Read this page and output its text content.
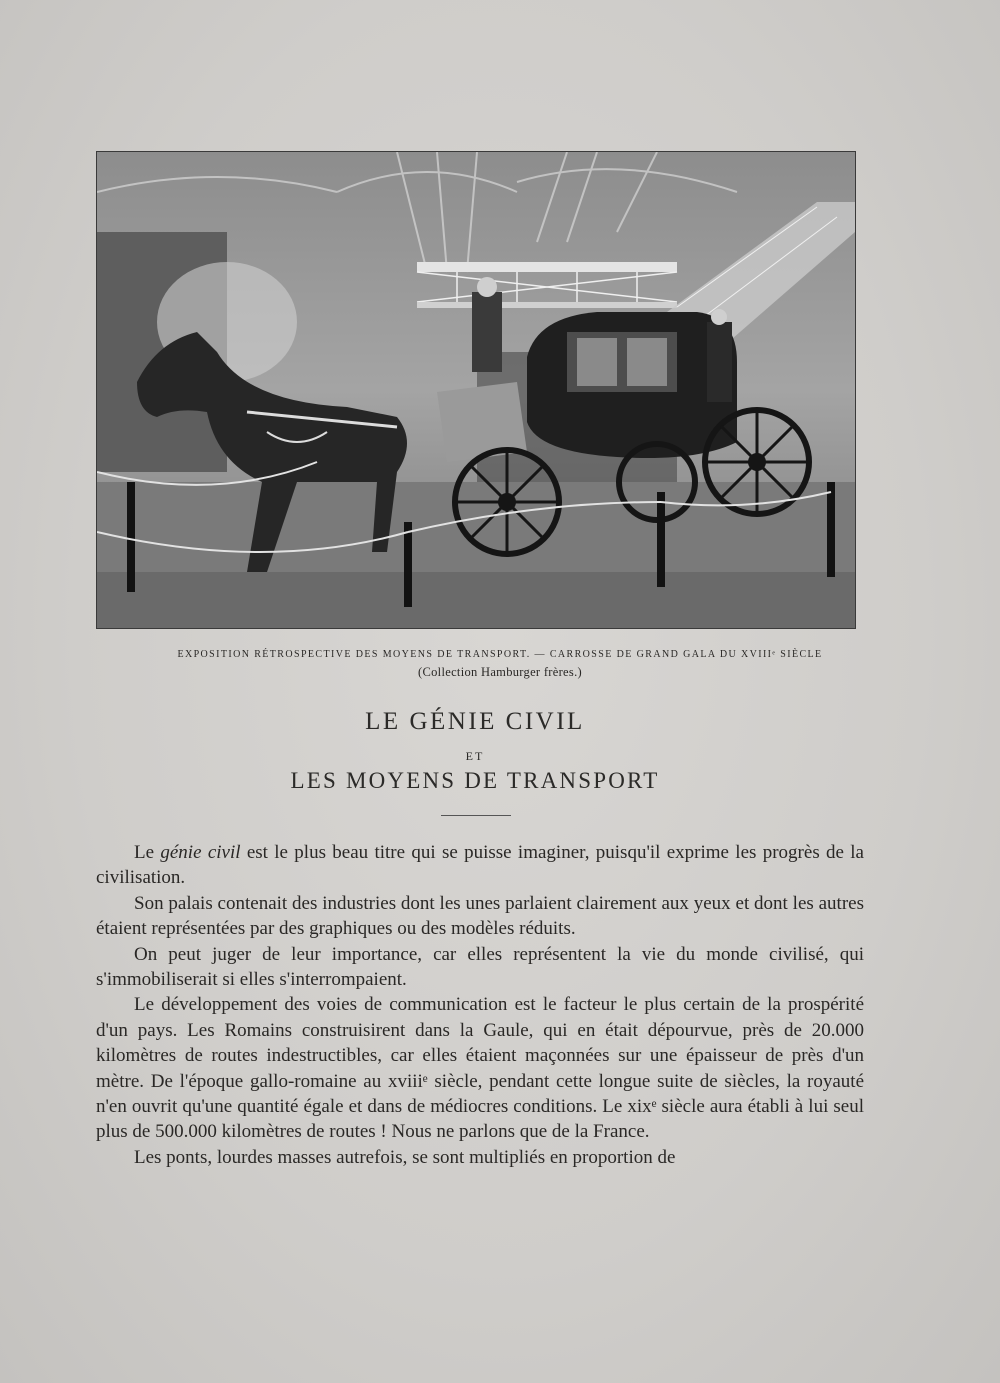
EXPOSITION RÉTROSPECTIVE DES MOYENS DE TRANSPORT. — CARROSSE DE GRAND GALA DU XVIIIᵉ SIÈCLE
(Collection Hamburger frères.)
LE GÉNIE CIVIL
ET
LES MOYENS DE TRANSPORT

Le génie civil est le plus beau titre qui se puisse imaginer, puisqu'il exprime les progrès de la civilisation.

Son palais contenait des industries dont les unes parlaient clairement aux yeux et dont les autres étaient représentées par des graphiques ou des modèles réduits.

On peut juger de leur importance, car elles représentent la vie du monde civilisé, qui s'immobiliserait si elles s'interrompaient.

Le développement des voies de communication est le facteur le plus certain de la prospérité d'un pays. Les Romains construisirent dans la Gaule, qui en était dépourvue, près de 20.000 kilomètres de routes indestructibles, car elles étaient maçonnées sur une épaisseur de près d'un mètre. De l'époque gallo-romaine au xviiiᵉ siècle, pendant cette longue suite de siècles, la royauté n'en ouvrit qu'une quantité égale et dans de médiocres conditions. Le xixᵉ siècle aura établi à lui seul plus de 500.000 kilomètres de routes ! Nous ne parlons que de la France.

Les ponts, lourdes masses autrefois, se sont multipliés en proportion de
